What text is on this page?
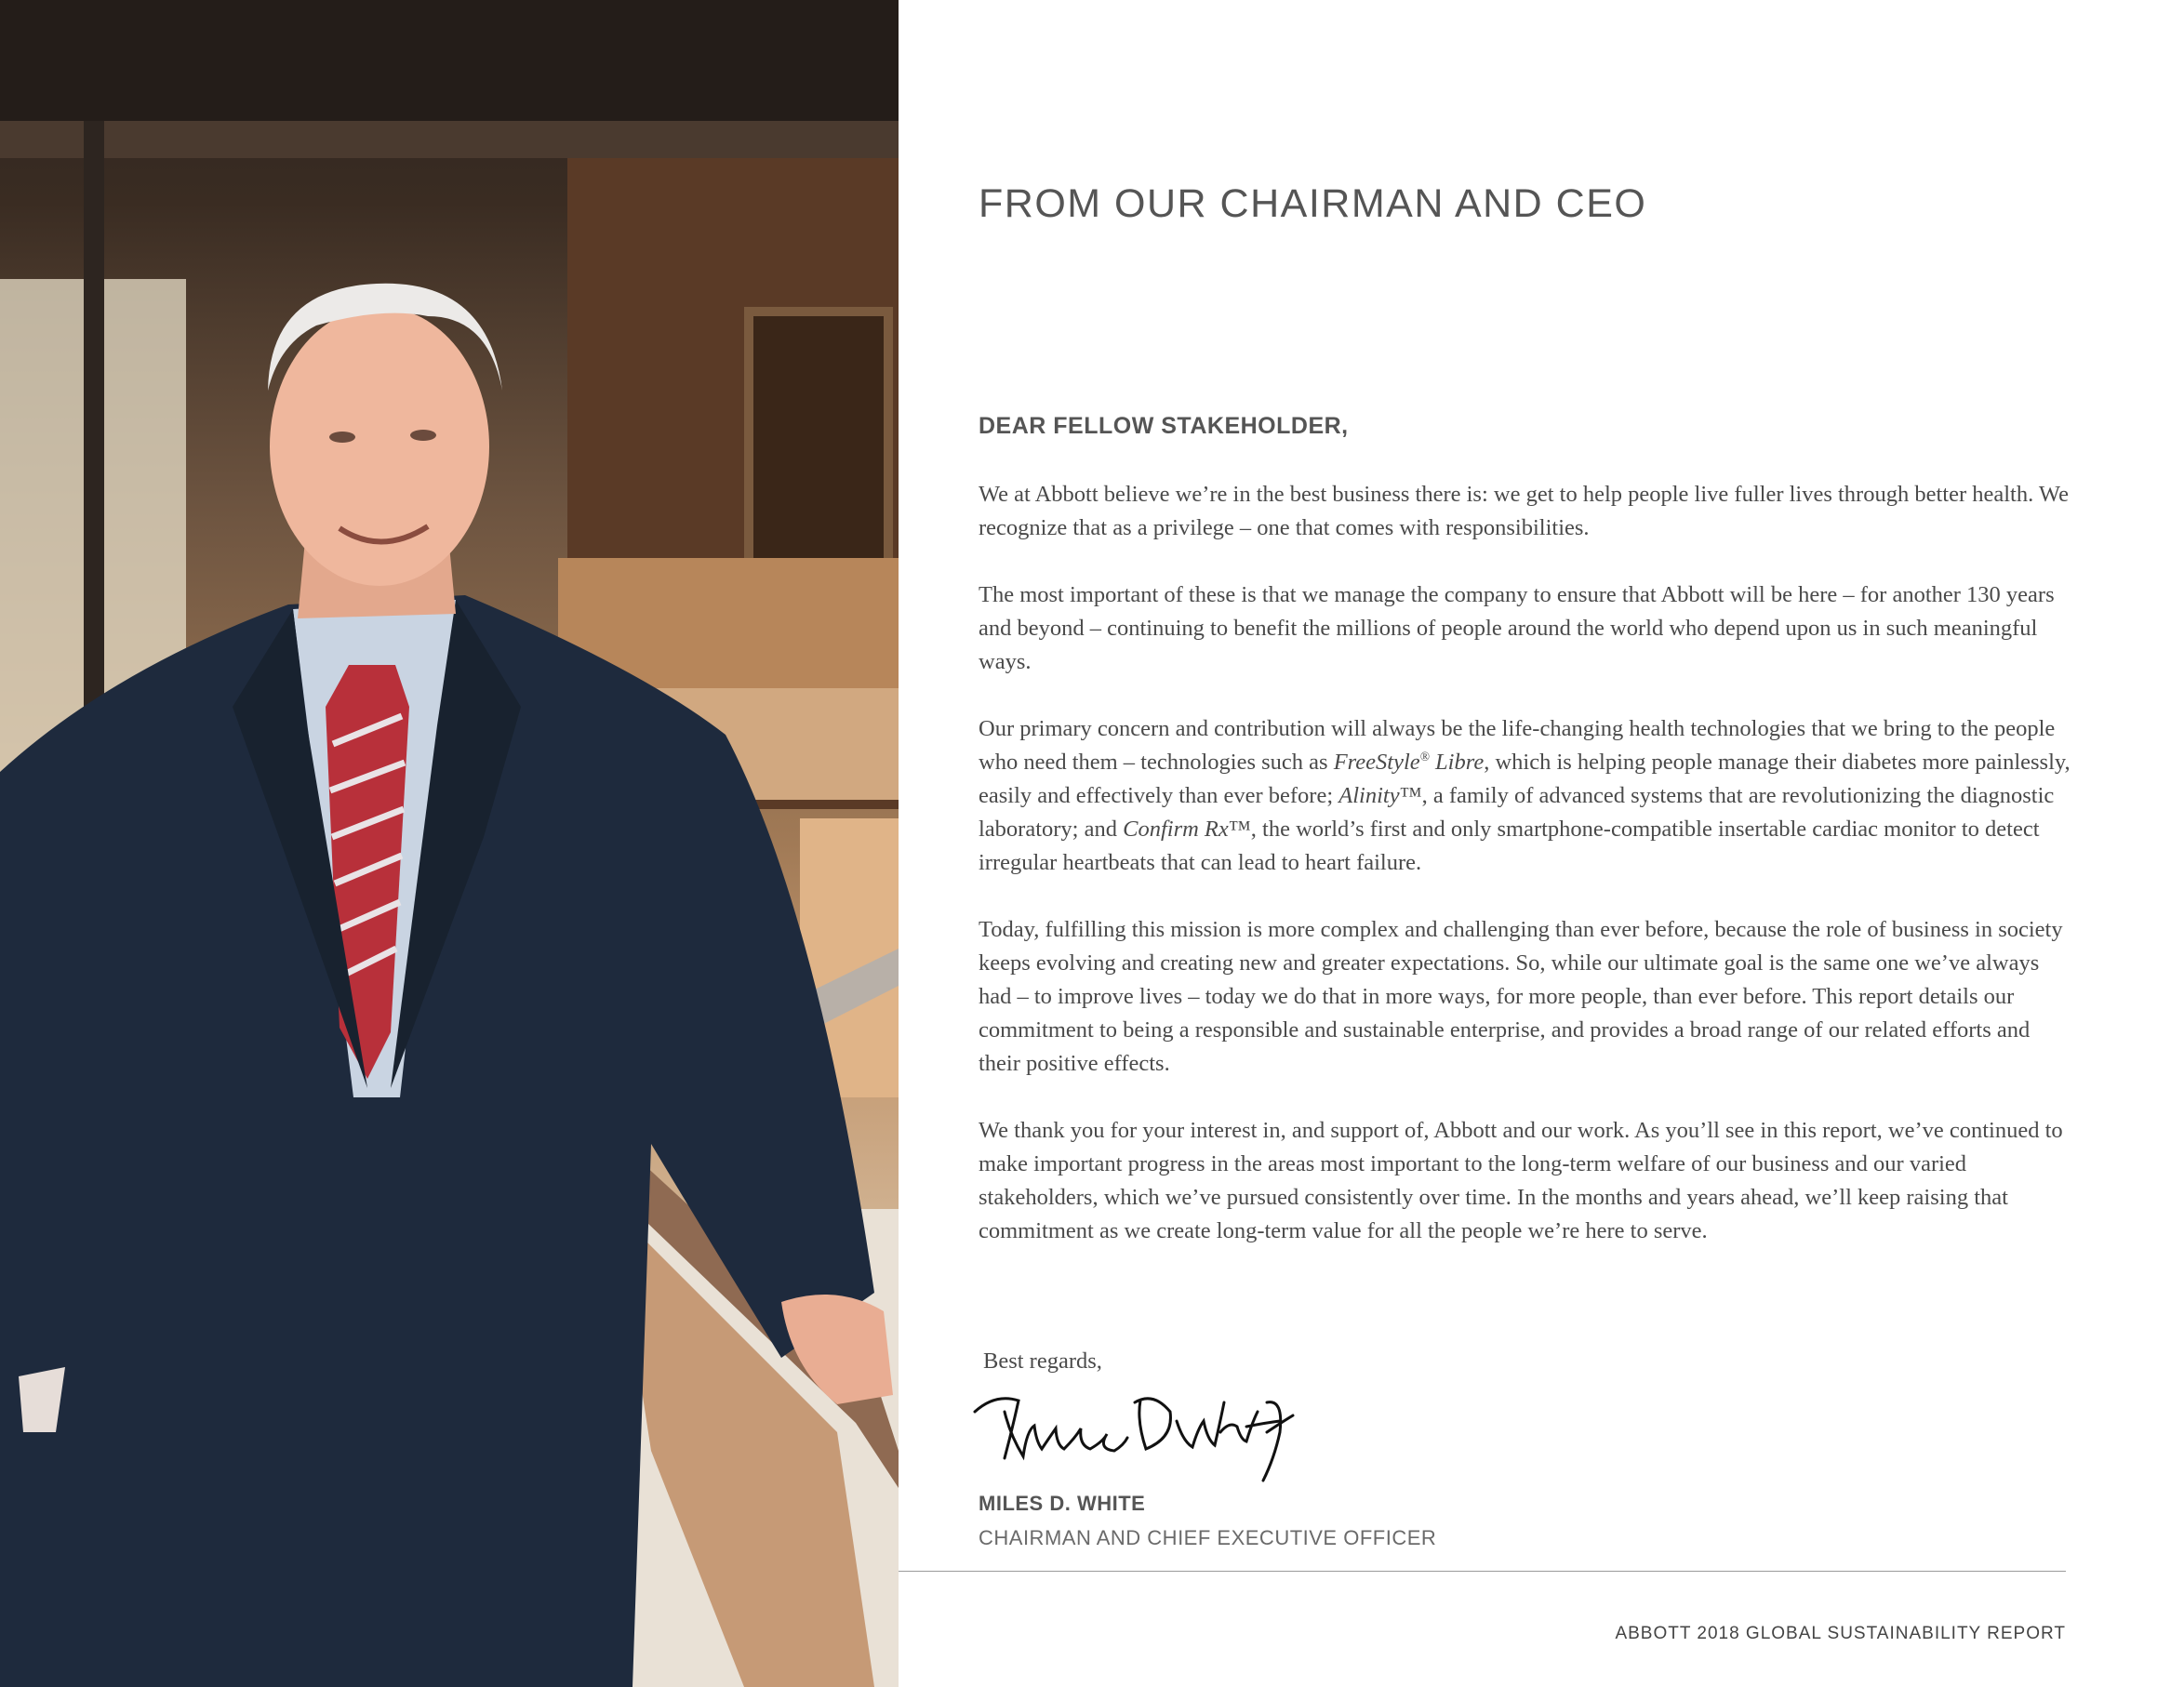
FROM OUR CHAIRMAN AND CEO
DEAR FELLOW STAKEHOLDER,

We at Abbott believe we’re in the best business there is: we get to help people live fuller lives through better health. We recognize that as a privilege – one that comes with responsibilities.

The most important of these is that we manage the company to ensure that Abbott will be here – for another 130 years and beyond – continuing to benefit the millions of people around the world who depend upon us in such meaningful ways.

Our primary concern and contribution will always be the life-changing health technologies that we bring to the people who need them – technologies such as FreeStyle® Libre, which is helping people manage their diabetes more painlessly, easily and effectively than ever before; Alinity™, a family of advanced systems that are revolutionizing the diagnostic laboratory; and Confirm Rx™, the world’s first and only smartphone-compatible insertable cardiac monitor to detect irregular heartbeats that can lead to heart failure.

Today, fulfilling this mission is more complex and challenging than ever before, because the role of business in society keeps evolving and creating new and greater expectations. So, while our ultimate goal is the same one we’ve always had – to improve lives – today we do that in more ways, for more people, than ever before. This report details our commitment to being a responsible and sustainable enterprise, and provides a broad range of our related efforts and their positive effects.

We thank you for your interest in, and support of, Abbott and our work. As you’ll see in this report, we’ve continued to make important progress in the areas most important to the long-term welfare of our business and our varied stakeholders, which we’ve pursued consistently over time. In the months and years ahead, we’ll keep raising that commitment as we create long-term value for all the people we’re here to serve.

Best regards,

MILES D. WHITE

CHAIRMAN AND CHIEF EXECUTIVE OFFICER

ABBOTT 2018 GLOBAL SUSTAINABILITY REPORT
